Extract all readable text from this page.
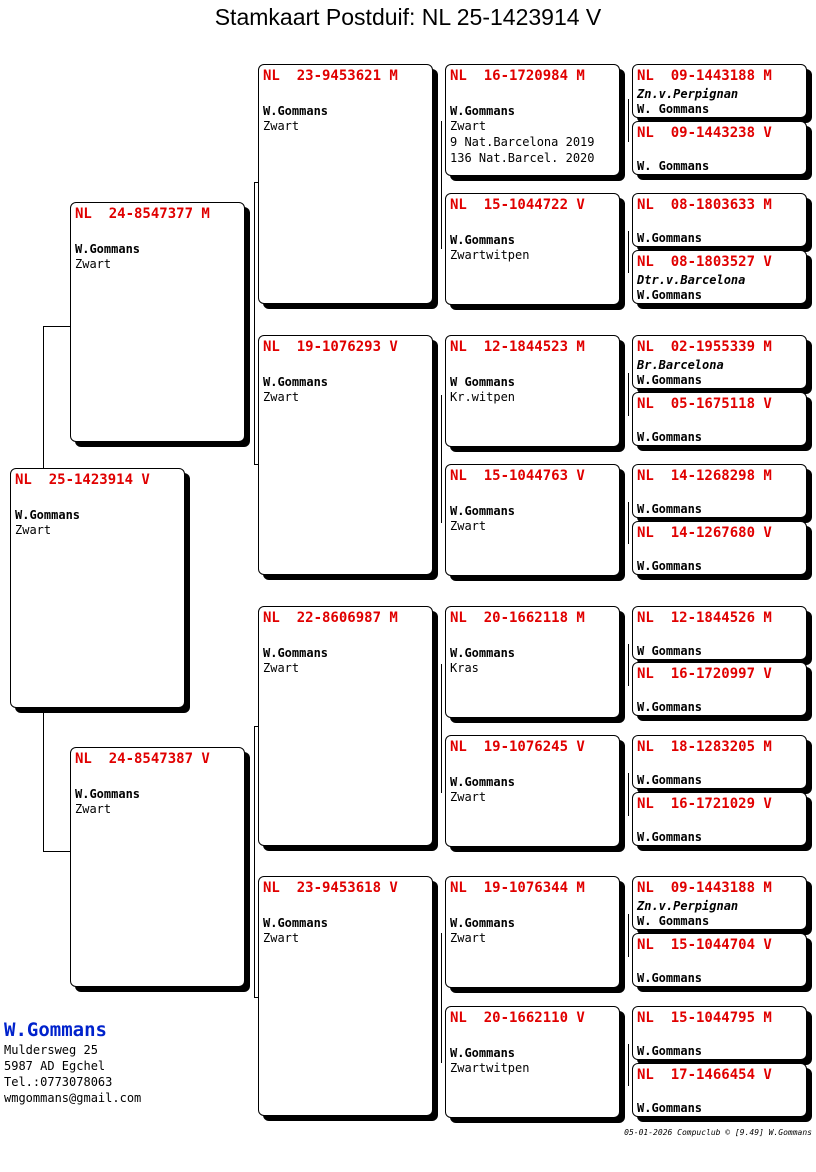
Stamkaart Postduif: NL 25-1423914 V
NL  25-1423914 V
W.Gommans
Zwart
NL  24-8547377 M
W.Gommans
Zwart
NL  24-8547387 V
W.Gommans
Zwart
NL  23-9453621 M
W.Gommans
Zwart
NL  19-1076293 V
W.Gommans
Zwart
NL  22-8606987 M
W.Gommans
Zwart
NL  23-9453618 V
W.Gommans
Zwart
NL  16-1720984 M
W.Gommans
Zwart
9 Nat.Barcelona 2019
136 Nat.Barcel. 2020
NL  15-1044722 V
W.Gommans
Zwartwitpen
NL  12-1844523 M
W Gommans
Kr.witpen
NL  15-1044763 V
W.Gommans
Zwart
NL  20-1662118 M
W.Gommans
Kras
NL  19-1076245 V
W.Gommans
Zwart
NL  19-1076344 M
W.Gommans
Zwart
NL  20-1662110 V
W.Gommans
Zwartwitpen
NL  09-1443188 M
Zn.v.Perpignan
W. Gommans
NL  09-1443238 V
W. Gommans
NL  08-1803633 M
W.Gommans
NL  08-1803527 V
Dtr.v.Barcelona
W.Gommans
NL  02-1955339 M
Br.Barcelona
W.Gommans
NL  05-1675118 V
W.Gommans
NL  14-1268298 M
W.Gommans
NL  14-1267680 V
W.Gommans
NL  12-1844526 M
W Gommans
NL  16-1720997 V
W.Gommans
NL  18-1283205 M
W.Gommans
NL  16-1721029 V
W.Gommans
NL  09-1443188 M
Zn.v.Perpignan
W. Gommans
NL  15-1044704 V
W.Gommans
NL  15-1044795 M
W.Gommans
NL  17-1466454 V
W.Gommans
W.Gommans
Muldersweg 25
5987 AD Egchel
Tel.:0773078063
wmgommans@gmail.com
05-01-2026 Compuclub © [9.49] W.Gommans
